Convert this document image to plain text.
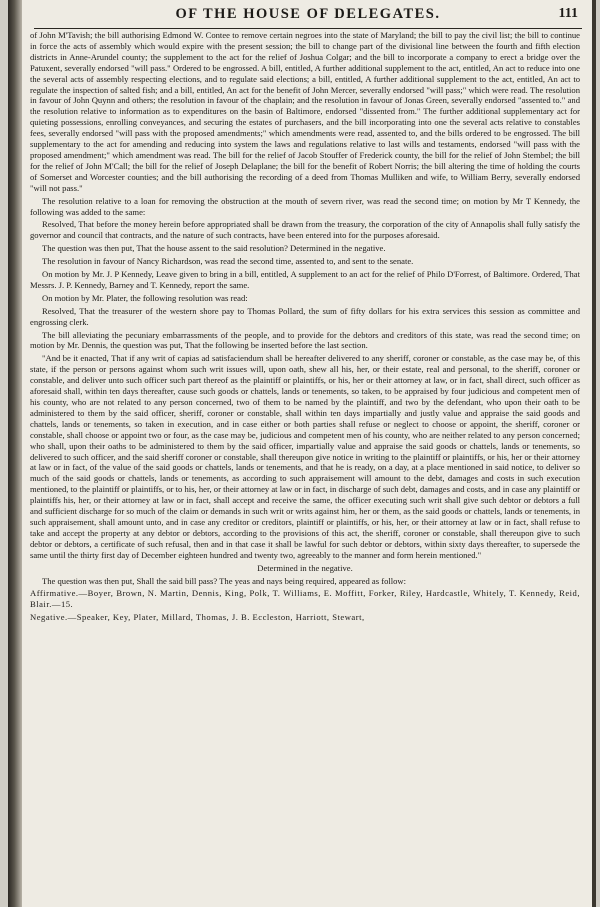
OF THE HOUSE OF DELEGATES.	111

of John M'Tavish; the bill authorising Edmond W. Contee to remove certain negroes into the state of Maryland; the bill to pay the civil list; the bill to continue in force the acts of assembly which would expire with the present session; the bill to change part of the divisional line between the fourth and fifth election districts in Anne-Arundel county; the supplement to the act for the relief of Joshua Colgar; and the bill to incorporate a company to erect a bridge over the Patuxent, severally endorsed "will pass." Ordered to be engrossed. A bill, entitled, A further additional supplement to the act, entitled, An act to reduce into one the several acts of assembly respecting elections, and to regulate said elections; a bill, entitled, A further additional supplement to the act, entitled, An act to regulate the inspection of salted fish; and a bill, entitled, An act for the benefit of John Mercer, severally endorsed "will pass;" which were read. The resolution in favour of John Quynn and others; the resolution in favour of the chaplain; and the resolution in favour of Jonas Green, severally endorsed "assented to." and the resolution relative to information as to expenditures on the basin of Baltimore, endorsed "dissented from." The further additional supplementary act for quieting possessions, enrolling conveyances, and securing the estates of purchasers, and the bill incorporating into one the several acts relative to constables fees, severally endorsed "will pass with the proposed amendments;" which amendments were read, assented to, and the bills ordered to be engrossed. The bill supplementary to the act for amending and reducing into system the laws and regulations relative to last wills and testaments, endorsed "will pass with the proposed amendment;" which amendment was read. The bill for the relief of Jacob Stouffer of Frederick county, the bill for the relief of John Stembel; the bill for the relief of John M'Call; the bill for the relief of Joseph Delaplane; the bill for the benefit of Robert Norris; the bill altering the time of holding the courts of Somerset and Worcester counties; and the bill authorising the recording of a deed from Thomas Mulliken and wife, to William Berry, severally endorsed "will not pass."

The resolution relative to a loan for removing the obstruction at the mouth of severn river, was read the second time; on motion by Mr T Kennedy, the following was added to the same:

Resolved, That before the money herein before appropriated shall be drawn from the treasury, the corporation of the city of Annapolis shall fully satisfy the governor and council that contracts, and the nature of such contracts, have been entered into for the purposes aforesaid.

The question was then put, That the house assent to the said resolution? Determined in the negative.

The resolution in favour of Nancy Richardson, was read the second time, assented to, and sent to the senate.

On motion by Mr. J. P Kennedy, Leave given to bring in a bill, entitled, A supplement to an act for the relief of Philo D'Forrest, of Baltimore. Ordered, That Messrs. J. P. Kennedy, Barney and T. Kennedy, report the same.

On motion by Mr. Plater, the following resolution was read:

Resolved, That the treasurer of the western shore pay to Thomas Pollard, the sum of fifty dollars for his extra services this session as committee and engrossing clerk.

The bill alleviating the pecuniary embarrassments of the people, and to provide for the debtors and creditors of this state, was read the second time; on motion by Mr. Dennis, the question was put, That the following be inserted before the last section.

"And be it enacted, That if any writ of capias ad satisfaciendum shall be hereafter delivered to any sheriff, coroner or constable, as the case may be, of this state, if the person or persons against whom such writ issues will, upon oath, shew all his, her, or their estate, real and personal, to the sheriff, coroner or constable, and deliver unto such officer such part thereof as the plaintiff or plaintiffs, or his, her or their attorney at law, or in fact, shall direct, such officer as aforesaid shall, within ten days thereafter, cause such goods or chattels, lands or tenements, so taken, to be appraised by four judicious and competent men of his county, who are not related to any person concerned, two of them to be named by the plaintiff, and two by the defendant, who upon their oath to be administered to them by the said officer, sheriff, coroner or constable, shall within ten days impartially and justly value and appraise the said goods and chattels, lands or tenements, so taken in execution, and in case either or both parties shall refuse or neglect to choose or appoint, the sheriff, coroner or constable, shall choose or appoint two or four, as the case may be, judicious and competent men of his county, who are neither related to any person concerned; who shall, upon their oaths to be administered to them by the said officer, impartially value and appraise the said goods or chattels, lands or tenements, so delivered to such officer, and the said sheriff coroner or constable, shall thereupon give notice in writing to the plaintiff or plaintiffs, or his, her or their attorney at law or in fact, of the value of the said goods or chattels, lands or tenements, and that he is ready, on a day, at a place mentioned in said notice, to deliver so much of the said goods or chattels, lands or tenements, as according to such appraisement will amount to the debt, damages and costs in such execution mentioned, to the plaintiff or plaintiffs, or to his, her, or their attorney at law or in fact, in discharge of such debt, damages and costs, and in case any plaintiff or plaintiffs his, her, or their attorney at law or in fact, shall accept and receive the same, the officer executing such writ shall give such debtor or debtors a full and sufficient discharge for so much of the claim or demands in such writ or writs against him, her or them, as the said goods or chattels, lands or tenements, in such appraisement, shall amount unto, and in case any creditor or creditors, plaintiff or plaintiffs, or his, her, or their attorney at law or in fact, shall refuse to take and accept the property at any debtor or debtors, according to the provisions of this act, the sheriff, coroner or constable, shall thereupon give to such debtor or debtors, a certificate of such refusal, then and in that case it shall be lawful for such debtor or debtors, within sixty days thereafter, to supersede the same until the thirty first day of December eighteen hundred and twenty two, agreeably to the manner and form herein mentioned."

Determined in the negative.

The question was then put, Shall the said bill pass? The yeas and nays being required, appeared as follow:

Affirmative.—Boyer, Brown, N. Martin, Dennis, King, Polk, T. Williams, E. Moffitt, Forker, Riley, Hardcastle, Whitely, T. Kennedy, Reid, Blair.—15.

Negative.—Speaker, Key, Plater, Millard, Thomas, J. B. Eccleston, Harriott, Stewart,
